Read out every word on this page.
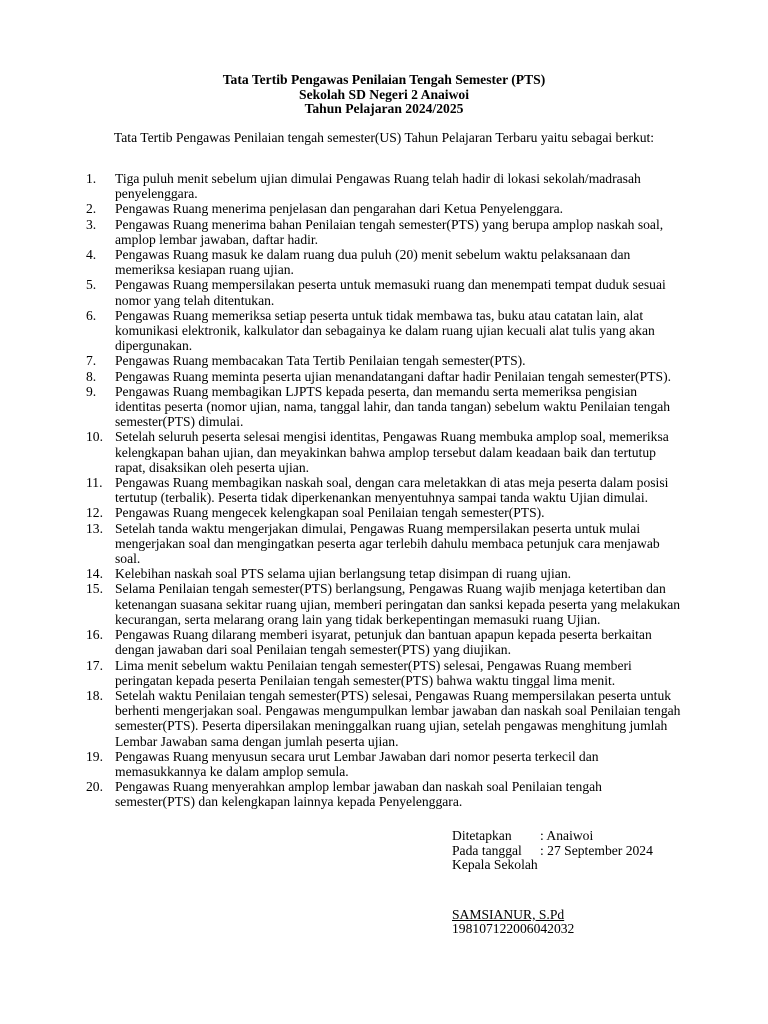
Tata Tertib Pengawas Penilaian Tengah Semester (PTS)
Sekolah SD Negeri 2 Anaiwoi
Tahun Pelajaran 2024/2025
Tata Tertib Pengawas Penilaian tengah semester(US) Tahun Pelajaran Terbaru yaitu sebagai berkut:
1.	Tiga puluh menit sebelum ujian dimulai Pengawas Ruang telah hadir di lokasi sekolah/madrasah penyelenggara.
2.	Pengawas Ruang menerima penjelasan dan pengarahan dari Ketua Penyelenggara.
3.	Pengawas Ruang menerima bahan Penilaian tengah semester(PTS) yang berupa amplop naskah soal, amplop lembar jawaban, daftar hadir.
4.	Pengawas Ruang masuk ke dalam ruang dua puluh (20) menit sebelum waktu pelaksanaan dan memeriksa kesiapan ruang ujian.
5.	Pengawas Ruang mempersilakan peserta untuk memasuki ruang dan menempati tempat duduk sesuai nomor yang telah ditentukan.
6.	Pengawas Ruang memeriksa setiap peserta untuk tidak membawa tas, buku atau catatan lain, alat komunikasi elektronik, kalkulator dan sebagainya ke dalam ruang ujian kecuali alat tulis yang akan dipergunakan.
7.	Pengawas Ruang membacakan Tata Tertib Penilaian tengah semester(PTS).
8.	Pengawas Ruang meminta peserta ujian menandatangani daftar hadir Penilaian tengah semester(PTS).
9.	Pengawas Ruang membagikan LJPTS kepada peserta, dan memandu serta memeriksa pengisian identitas peserta (nomor ujian, nama, tanggal lahir, dan tanda tangan) sebelum waktu Penilaian tengah semester(PTS) dimulai.
10. Setelah seluruh peserta selesai mengisi identitas, Pengawas Ruang membuka amplop soal, memeriksa kelengkapan bahan ujian, dan meyakinkan bahwa amplop tersebut dalam keadaan baik dan tertutup rapat, disaksikan oleh peserta ujian.
11. Pengawas Ruang membagikan naskah soal, dengan cara meletakkan di atas meja peserta dalam posisi tertutup (terbalik). Peserta tidak diperkenankan menyentuhnya sampai tanda waktu Ujian dimulai.
12. Pengawas Ruang mengecek kelengkapan soal Penilaian tengah semester(PTS).
13. Setelah tanda waktu mengerjakan dimulai, Pengawas Ruang mempersilakan peserta untuk mulai mengerjakan soal dan mengingatkan peserta agar terlebih dahulu membaca petunjuk cara menjawab soal.
14. Kelebihan naskah soal PTS selama ujian berlangsung tetap disimpan di ruang ujian.
15. Selama Penilaian tengah semester(PTS) berlangsung, Pengawas Ruang wajib menjaga ketertiban dan ketenangan suasana sekitar ruang ujian, memberi peringatan dan sanksi kepada peserta yang melakukan kecurangan, serta melarang orang lain yang tidak berkepentingan memasuki ruang Ujian.
16. Pengawas Ruang dilarang memberi isyarat, petunjuk dan bantuan apapun kepada peserta berkaitan dengan jawaban dari soal Penilaian tengah semester(PTS) yang diujikan.
17. Lima menit sebelum waktu Penilaian tengah semester(PTS) selesai, Pengawas Ruang memberi peringatan kepada peserta Penilaian tengah semester(PTS) bahwa waktu tinggal lima menit.
18. Setelah waktu Penilaian tengah semester(PTS) selesai, Pengawas Ruang mempersilakan peserta untuk berhenti mengerjakan soal. Pengawas mengumpulkan lembar jawaban dan naskah soal Penilaian tengah semester(PTS). Peserta dipersilakan meninggalkan ruang ujian, setelah pengawas menghitung jumlah Lembar Jawaban sama dengan jumlah peserta ujian.
19. Pengawas Ruang menyusun secara urut Lembar Jawaban dari nomor peserta terkecil dan memasukkannya ke dalam amplop semula.
20. Pengawas Ruang menyerahkan amplop lembar jawaban dan naskah soal Penilaian tengah semester(PTS) dan kelengkapan lainnya kepada Penyelenggara.
Ditetapkan : Anaiwoi
Pada tanggal : 27 September 2024
Kepala Sekolah
SAMSIANUR, S.Pd
198107122006042032
